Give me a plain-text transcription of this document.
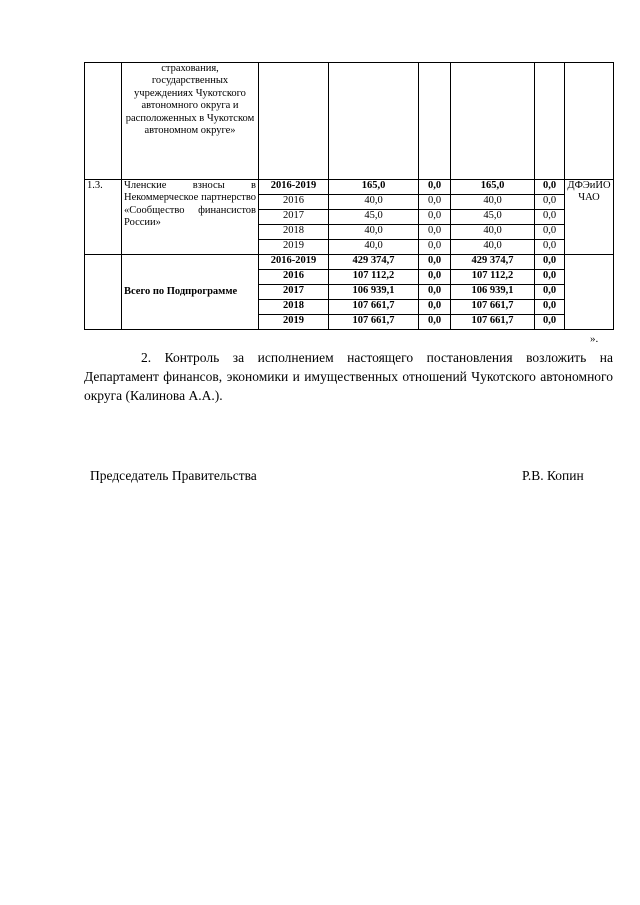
	страхования, государственных учреждениях Чукотского автономного округа и расположенных в Чукотском автономном округе»						
1.3.	Членские взносы в Некоммерческое партнерство «Сообщество финансистов России»	2016-2019	165,0	0,0	165,0	0,0	ДФЭиИО ЧАО
		2016	40,0	0,0	40,0	0,0	
		2017	45,0	0,0	45,0	0,0	
		2018	40,0	0,0	40,0	0,0	
		2019	40,0	0,0	40,0	0,0	
	Всего по Подпрограмме	2016-2019	429 374,7	0,0	429 374,7	0,0	
		2016	107 112,2	0,0	107 112,2	0,0	
		2017	106 939,1	0,0	106 939,1	0,0	
		2018	107 661,7	0,0	107 661,7	0,0	
		2019	107 661,7	0,0	107 661,7	0,0	
».

2. Контроль за исполнением настоящего постановления возложить на Департамент финансов, экономики и имущественных отношений Чукотского автономного округа (Калинова А.А.).

Председатель Правительства	Р.В. Копин
